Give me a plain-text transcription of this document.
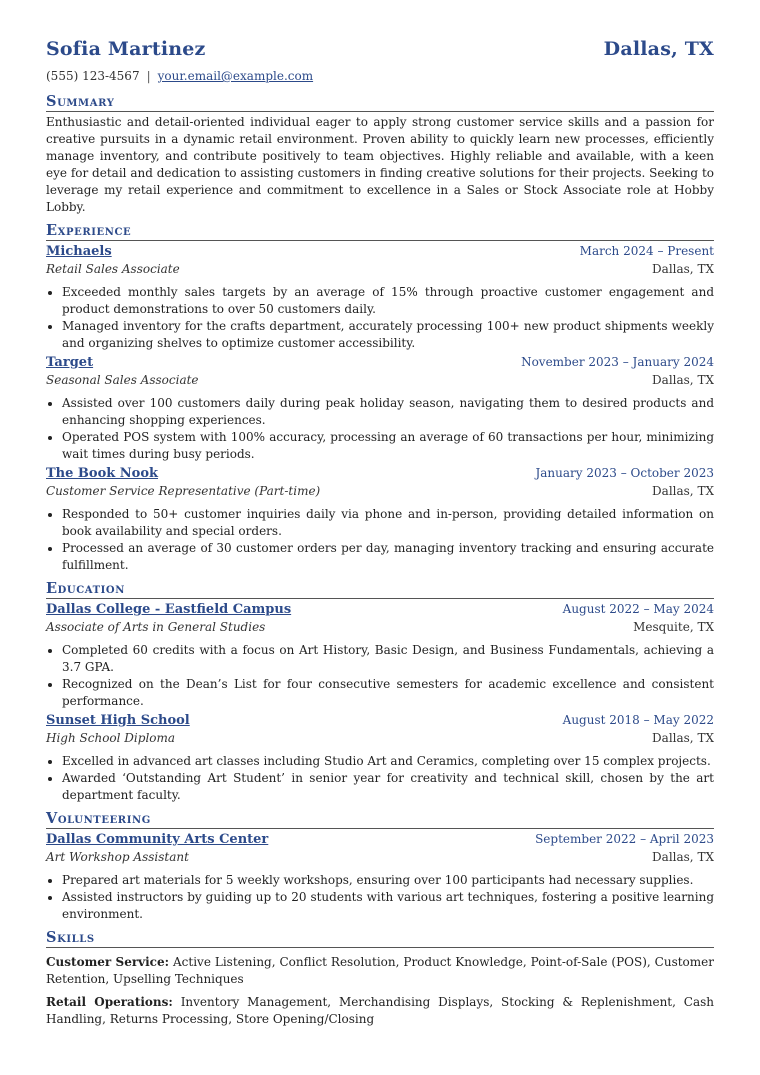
Sofia Martinez	Dallas, TX
(555) 123-4567 | your.email@example.com
Summary
Enthusiastic and detail-oriented individual eager to apply strong customer service skills and a passion for creative pursuits in a dynamic retail environment. Proven ability to quickly learn new processes, efficiently manage inventory, and contribute positively to team objectives. Highly reliable and available, with a keen eye for detail and dedication to assisting customers in finding creative solutions for their projects. Seeking to leverage my retail experience and commitment to excellence in a Sales or Stock Associate role at Hobby Lobby.
Experience
Michaels	March 2024 – Present
Retail Sales Associate	Dallas, TX
• Exceeded monthly sales targets by an average of 15% through proactive customer engagement and product demonstrations to over 50 customers daily.
• Managed inventory for the crafts department, accurately processing 100+ new product shipments weekly and organizing shelves to optimize customer accessibility.
Target	November 2023 – January 2024
Seasonal Sales Associate	Dallas, TX
• Assisted over 100 customers daily during peak holiday season, navigating them to desired products and enhancing shopping experiences.
• Operated POS system with 100% accuracy, processing an average of 60 transactions per hour, minimizing wait times during busy periods.
The Book Nook	January 2023 – October 2023
Customer Service Representative (Part-time)	Dallas, TX
• Responded to 50+ customer inquiries daily via phone and in-person, providing detailed information on book availability and special orders.
• Processed an average of 30 customer orders per day, managing inventory tracking and ensuring accurate fulfillment.
Education
Dallas College - Eastfield Campus	August 2022 – May 2024
Associate of Arts in General Studies	Mesquite, TX
• Completed 60 credits with a focus on Art History, Basic Design, and Business Fundamentals, achieving a 3.7 GPA.
• Recognized on the Dean’s List for four consecutive semesters for academic excellence and consistent performance.
Sunset High School	August 2018 – May 2022
High School Diploma	Dallas, TX
• Excelled in advanced art classes including Studio Art and Ceramics, completing over 15 complex projects.
• Awarded ‘Outstanding Art Student’ in senior year for creativity and technical skill, chosen by the art department faculty.
Volunteering
Dallas Community Arts Center	September 2022 – April 2023
Art Workshop Assistant	Dallas, TX
• Prepared art materials for 5 weekly workshops, ensuring over 100 participants had necessary supplies.
• Assisted instructors by guiding up to 20 students with various art techniques, fostering a positive learning environment.
Skills
Customer Service: Active Listening, Conflict Resolution, Product Knowledge, Point-of-Sale (POS), Customer Retention, Upselling Techniques
Retail Operations: Inventory Management, Merchandising Displays, Stocking & Replenishment, Cash Handling, Returns Processing, Store Opening/Closing
